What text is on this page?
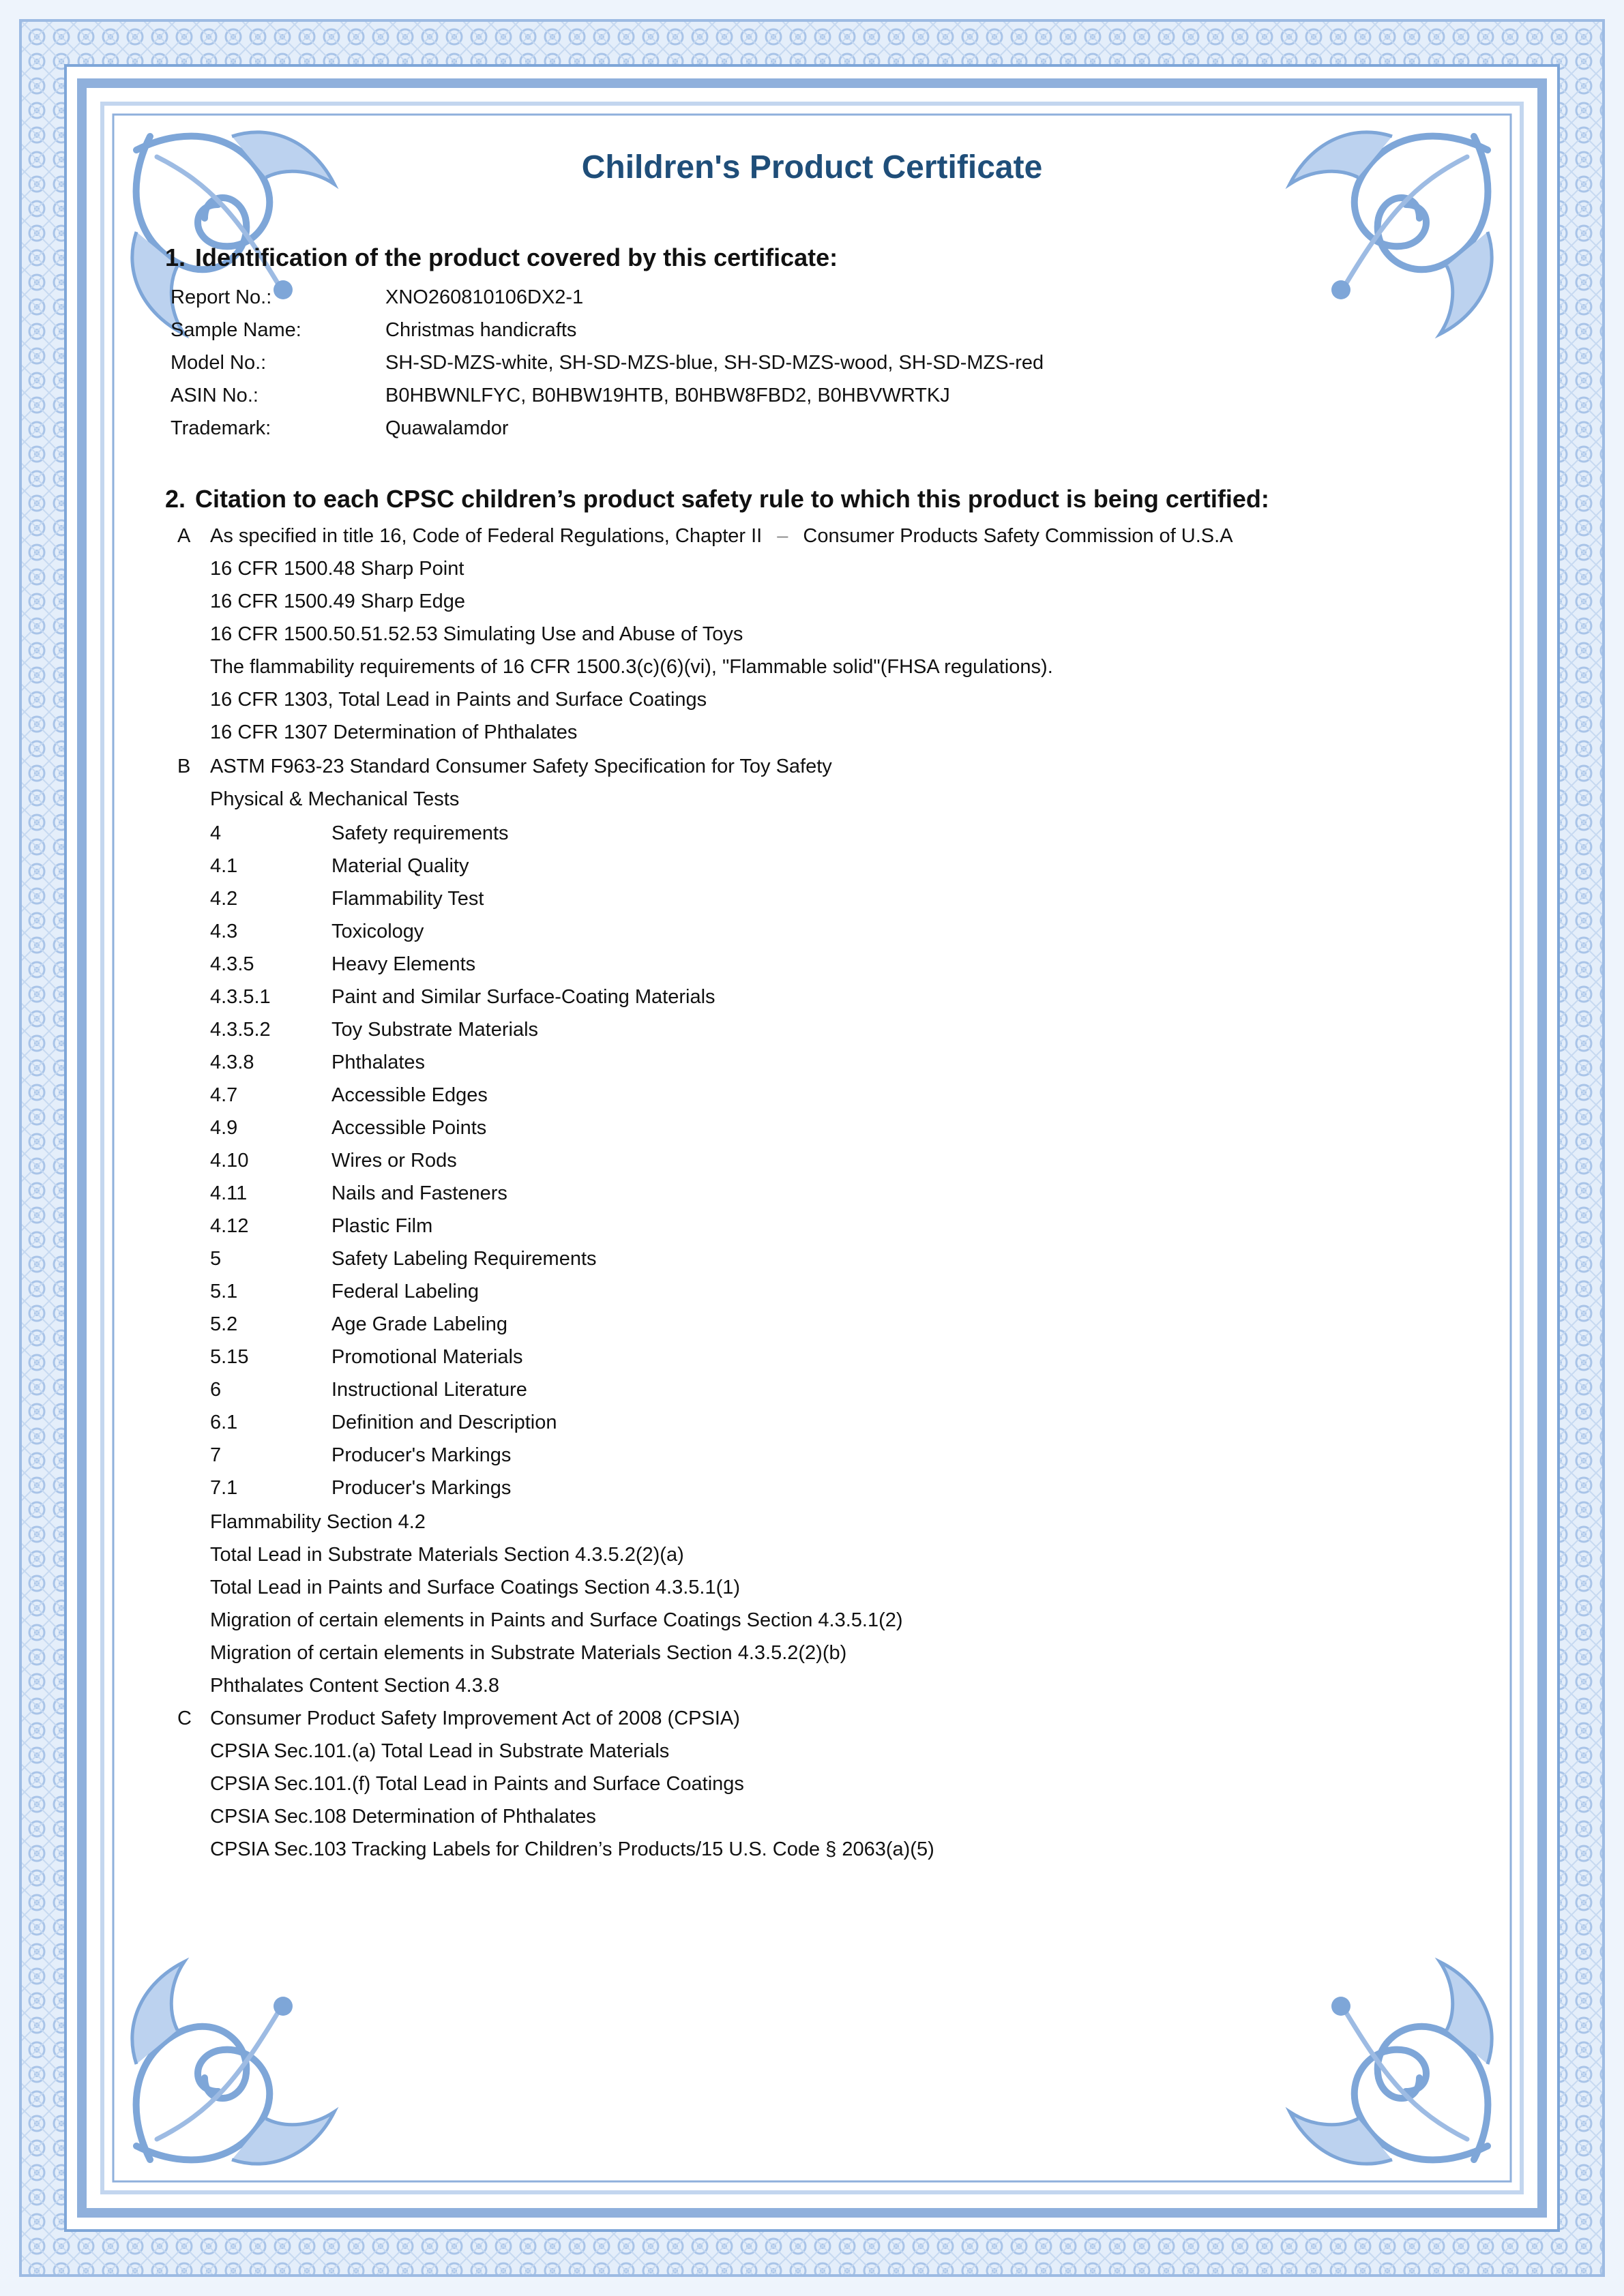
Children's Product Certificate
1. Identification of the product covered by this certificate:
Report No.:	XNO260810106DX2-1
Sample Name:	Christmas handicrafts
Model No.:	SH-SD-MZS-white, SH-SD-MZS-blue, SH-SD-MZS-wood, SH-SD-MZS-red
ASIN No.:	B0HBWNLFYC, B0HBW19HTB, B0HBW8FBD2, B0HBVWRTKJ
Trademark:	Quawalamdor
2. Citation to each CPSC children’s product safety rule to which this product is being certified:
A As specified in title 16, Code of Federal Regulations, Chapter II – Consumer Products Safety Commission of U.S.A
16 CFR 1500.48 Sharp Point
16 CFR 1500.49 Sharp Edge
16 CFR 1500.50.51.52.53 Simulating Use and Abuse of Toys
The flammability requirements of 16 CFR 1500.3(c)(6)(vi), "Flammable solid"(FHSA regulations).
16 CFR 1303, Total Lead in Paints and Surface Coatings
16 CFR 1307 Determination of Phthalates
B ASTM F963-23 Standard Consumer Safety Specification for Toy Safety
Physical & Mechanical Tests
4	Safety requirements
4.1	Material Quality
4.2	Flammability Test
4.3	Toxicology
4.3.5	Heavy Elements
4.3.5.1	Paint and Similar Surface-Coating Materials
4.3.5.2	Toy Substrate Materials
4.3.8	Phthalates
4.7	Accessible Edges
4.9	Accessible Points
4.10	Wires or Rods
4.11	Nails and Fasteners
4.12	Plastic Film
5	Safety Labeling Requirements
5.1	Federal Labeling
5.2	Age Grade Labeling
5.15	Promotional Materials
6	Instructional Literature
6.1	Definition and Description
7	Producer's Markings
7.1	Producer's Markings
Flammability Section 4.2
Total Lead in Substrate Materials Section 4.3.5.2(2)(a)
Total Lead in Paints and Surface Coatings Section 4.3.5.1(1)
Migration of certain elements in Paints and Surface Coatings Section 4.3.5.1(2)
Migration of certain elements in Substrate Materials Section 4.3.5.2(2)(b)
Phthalates Content Section 4.3.8
C Consumer Product Safety Improvement Act of 2008 (CPSIA)
CPSIA Sec.101.(a) Total Lead in Substrate Materials
CPSIA Sec.101.(f) Total Lead in Paints and Surface Coatings
CPSIA Sec.108 Determination of Phthalates
CPSIA Sec.103 Tracking Labels for Children’s Products/15 U.S. Code § 2063(a)(5)
